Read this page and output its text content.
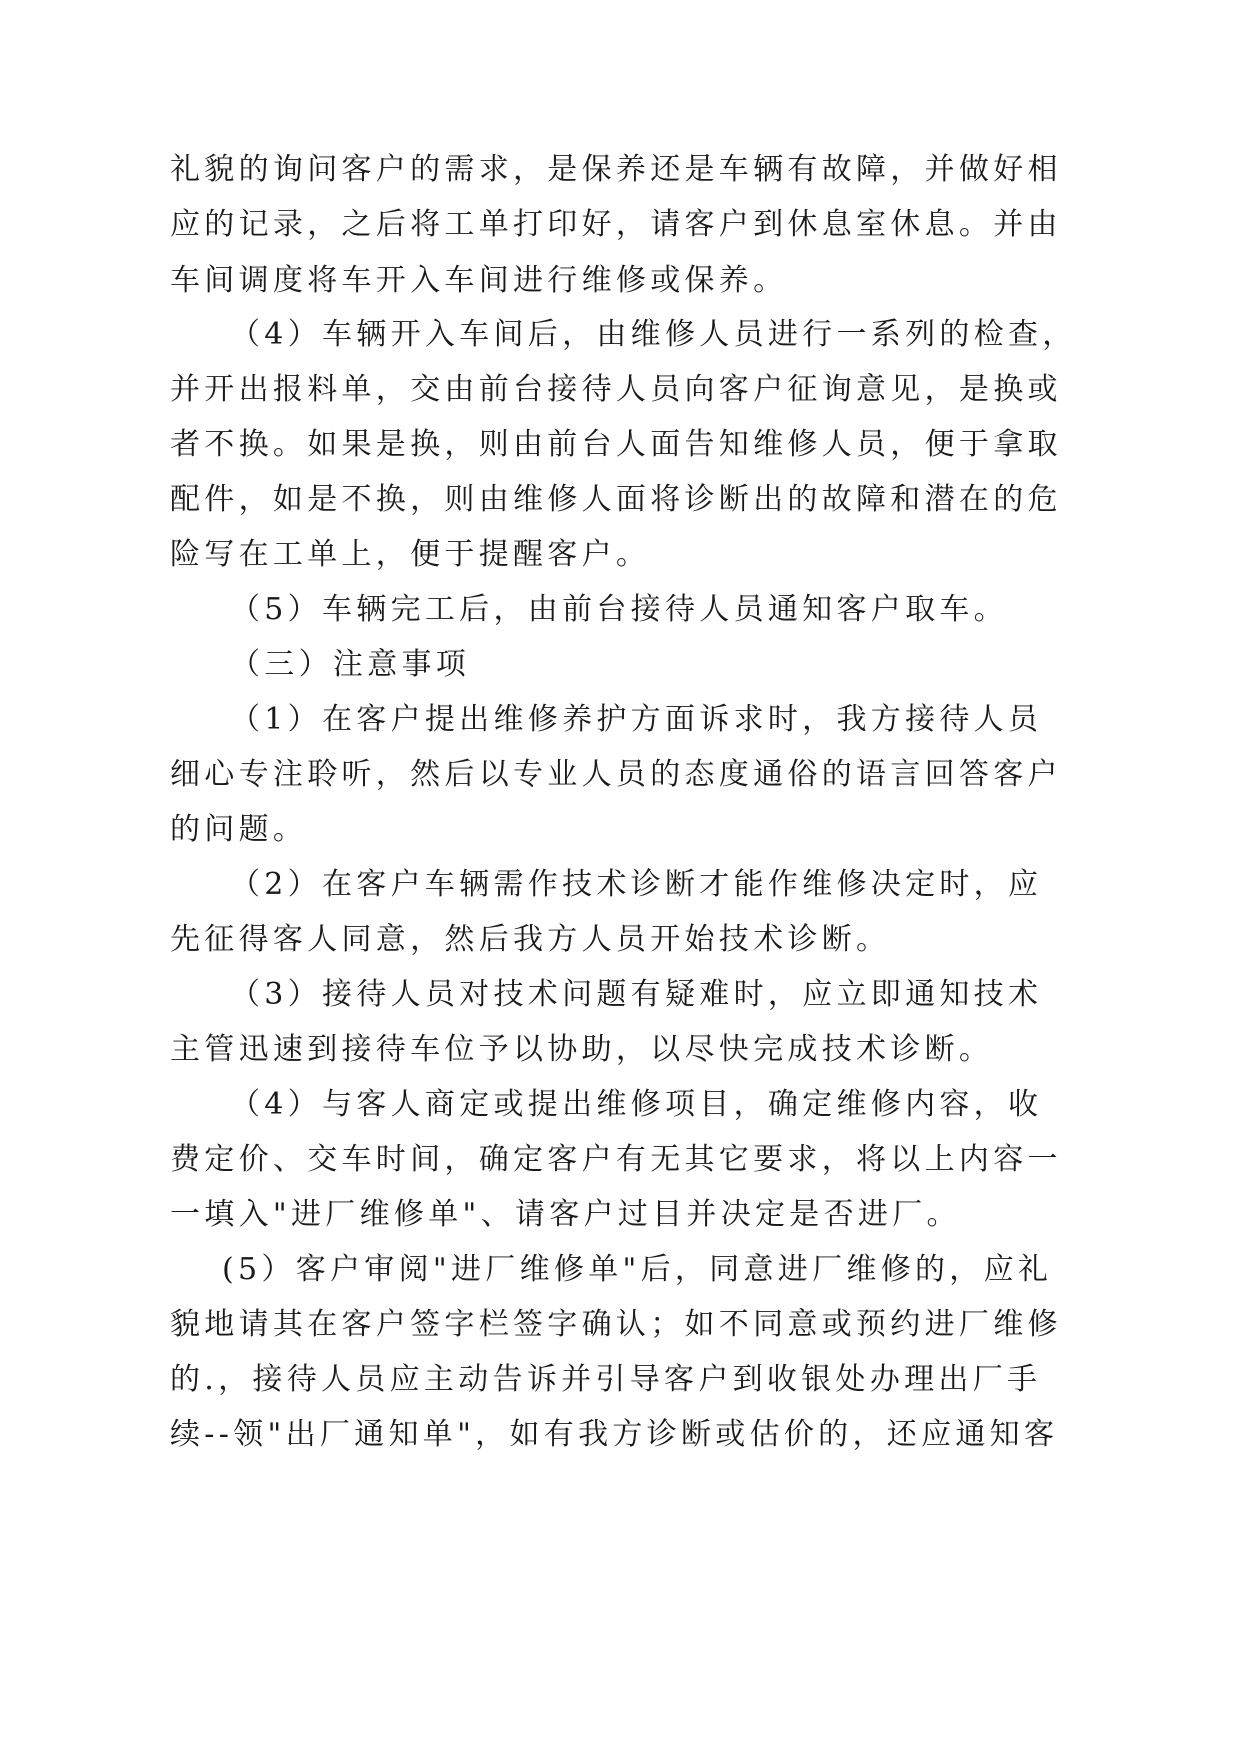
礼貌的询问客户的需求，是保养还是车辆有故障，并做好相
应的记录，之后将工单打印好，请客户到休息室休息。并由
车间调度将车开入车间进行维修或保养。
（4）车辆开入车间后，由维修人员进行一系列的检查，
并开出报料单，交由前台接待人员向客户征询意见，是换或
者不换。如果是换，则由前台人面告知维修人员，便于拿取
配件，如是不换，则由维修人面将诊断出的故障和潜在的危
险写在工单上，便于提醒客户。
（5）车辆完工后，由前台接待人员通知客户取车。
（三）注意事项
（1）在客户提出维修养护方面诉求时，我方接待人员
细心专注聆听，然后以专业人员的态度通俗的语言回答客户
的问题。
（2）在客户车辆需作技术诊断才能作维修决定时，应
先征得客人同意，然后我方人员开始技术诊断。
（3）接待人员对技术问题有疑难时，应立即通知技术
主管迅速到接待车位予以协助，以尽快完成技术诊断。
（4）与客人商定或提出维修项目，确定维修内容，收
费定价、交车时间，确定客户有无其它要求，将以上内容一
一填入"进厂维修单"、请客户过目并决定是否进厂。
(5）客户审阅"进厂维修单"后，同意进厂维修的，应礼
貌地请其在客户签字栏签字确认；如不同意或预约进厂维修
的.，接待人员应主动告诉并引导客户到收银处办理出厂手
续--领"出厂通知单"，如有我方诊断或估价的，还应通知客
